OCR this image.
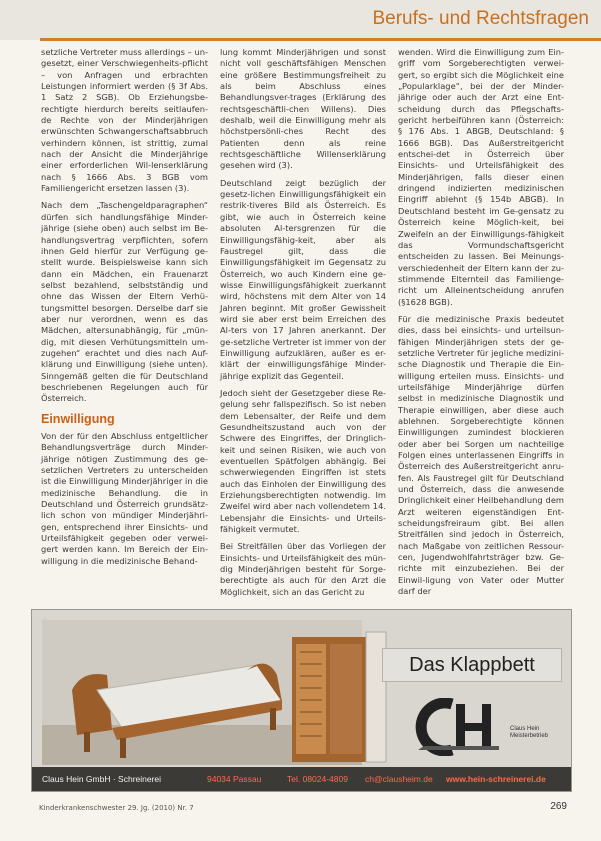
Berufs- und Rechtsfragen

setzliche Vertreter muss allerdings – un-gesetzt, einer Verschwiegenheits-pflicht – von Anfragen und erbrachten Leistungen informiert werden (§ 3f Abs. 1 Satz 2 SGB). Ob Erziehungsbe-rechtigte hierdurch bereits seitlaufen-de Rechte von der Minderjährigen erwünschten Schwangerschaftsabbruch verhindern können, ist strittig, zumal nach der Ansicht die Minderjährige einer erforderlichen Wil-lenserklärung nach § 1666 Abs. 3 BGB vom Familiengericht ersetzen lassen (3).

Nach dem „Taschengeldparagraphen“ dürfen sich handlungsfähige Minder-jährige (siehe oben) auch selbst im Be-handlungsvertrag verpflichten, sofern ihnen Geld hierfür zur Verfügung ge-stellt wurde. Beispielsweise kann sich dann ein Mädchen, ein Frauenarzt selbst bezahlend, selbstständig und ohne das Wissen der Eltern Verhü-tungsmittel besorgen. Derselbe darf sie aber nur verordnen, wenn es das Mädchen, altersunabhängig, für „mün-dig, mit diesen Verhütungsmitteln um-zugehen“ erachtet und dies nach Auf-klärung und Einwilligung (siehe unten). Sinngemäß gelten die für Deutschland beschriebenen Regelungen auch für Österreich.

Einwilligung

Von der für den Abschluss entgeltlicher Behandlungsverträge durch Minder-jährige nötigen Zustimmung des ge-setzlichen Vertreters zu unterscheiden ist die Einwilligung Minderjähriger in die medizinische Behandlung. die in Deutschland und Österreich grundsätz-lich schon von mündiger Minderjähri-gen, entsprechend ihrer Einsichts- und Urteilsfähigkeit gegeben oder verwei-gert werden kann. Im Bereich der Ein-willigung in die medizinische Behand-

lung kommt Minderjährigen und sonst nicht voll geschäftsfähigen Menschen eine größere Bestimmungsfreiheit zu als beim Abschluss eines Behandlungsver-trages (Erklärung des rechtsgeschäftli-chen Willens). Dies deshalb, weil die Einwilligung mehr als höchstpersönli-ches Recht des Patienten denn als reine rechtsgeschäftliche Willenserklärung gesehen wird (3).

Deutschland zeigt bezüglich der gesetz-lichen Einwilligungsfähigkeit ein restrik-tiveres Bild als Österreich. Es gibt, wie auch in Österreich keine absoluten Al-tersgrenzen für die Einwilligungsfähig-keit, aber als Faustregel gilt, dass die Einwilligungsfähigkeit im Gegensatz zu Österreich, wo auch Kindern eine ge-wisse Einwilligungsfähigkeit zuerkannt wird, höchstens mit dem Alter von 14 Jahren beginnt. Mit großer Gewissheit wird sie aber erst beim Erreichen des Al-ters von 17 Jahren anerkannt. Der ge-setzliche Vertreter ist immer von der Einwilligung aufzuklären, außer es er-klärt der einwilligungsfähige Minder-jährige explizit das Gegenteil.

Jedoch sieht der Gesetzgeber diese Re-gelung sehr fallspezifisch. So ist neben dem Lebensalter, der Reife und dem Gesundheitszustand auch von der Schwere des Eingriffes, der Dringlich-keit und seinen Risiken, wie auch von eventuellen Spätfolgen abhängig. Bei schwerwiegenden Eingriffen ist stets auch das Einholen der Einwilligung des Erziehungsberechtigten notwendig. Im Zweifel wird aber nach vollendetem 14. Lebensjahr die Einsichts- und Urteils-fähigkeit vermutet.

Bei Streitfällen über das Vorliegen der Einsichts- und Urteilsfähigkeit des mün-dig Minderjährigen besteht für Sorge-berechtigte als auch für den Arzt die Möglichkeit, sich an das Gericht zu

wenden. Wird die Einwilligung zum Ein-griff vom Sorgeberechtigten verwei-gert, so ergibt sich die Möglichkeit eine „Popularklage“, bei der der Minder-jährige oder auch der Arzt eine Ent-scheidung durch das Pflegschafts-gericht herbeiführen kann (Österreich: § 176 Abs. 1 ABGB, Deutschland: § 1666 BGB). Das Außerstreitgericht entschei-det in Österreich über Einsichts- und Urteilsfähigkeit des Minderjährigen, falls dieser einen dringend indizierten medizinischen Eingriff ablehnt (§ 154b ABGB). In Deutschland besteht im Ge-gensatz zu Österreich keine Möglich-keit, bei Zweifeln an der Einwilligungs-fähigkeit das Vormundschaftsgericht entscheiden zu lassen. Bei Meinungs-verschiedenheit der Eltern kann der zu-stimmende Elternteil das Familienge-richt um Alleinentscheidung anrufen (§1628 BGB).

Für die medizinische Praxis bedeutet dies, dass bei einsichts- und urteilsun-fähigen Minderjährigen stets der ge-setzliche Vertreter für jegliche medizini-sche Diagnostik und Therapie die Ein-willigung erteilen muss. Einsichts- und urteilsfähige Minderjährige dürfen selbst in medizinische Diagnostik und Therapie einwilligen, aber diese auch ablehnen. Sorgeberechtigte können Einwilligungen zumindest blockieren oder aber bei Sorgen um nachteilige Folgen eines unterlassenen Eingriffs in Österreich des Außerstreitgericht anru-fen. Als Faustregel gilt für Deutschland und Österreich, dass die anwesende Dringlichkeit einer Heilbehandlung dem Arzt weiteren eigenständigen Ent-scheidungsfreiraum gibt. Bei allen Streitfällen sind jedoch in Österreich, nach Maßgabe von zeitlichen Ressour-cen, Jugendwohlfahrtsträger bzw. Ge-richte mit einzubeziehen. Bei der Einwil-ligung von Vater oder Mutter darf der

Das Klappbett
Claus Hein Meisterbetrieb
Claus Hein GmbH · Schreinerei	94034 Passau	Tel. 08024-4809 ch@clausheim.de www.hein-schreinerei.de
Kinderkrankenschwester 29. Jg. (2010) Nr. 7	269
